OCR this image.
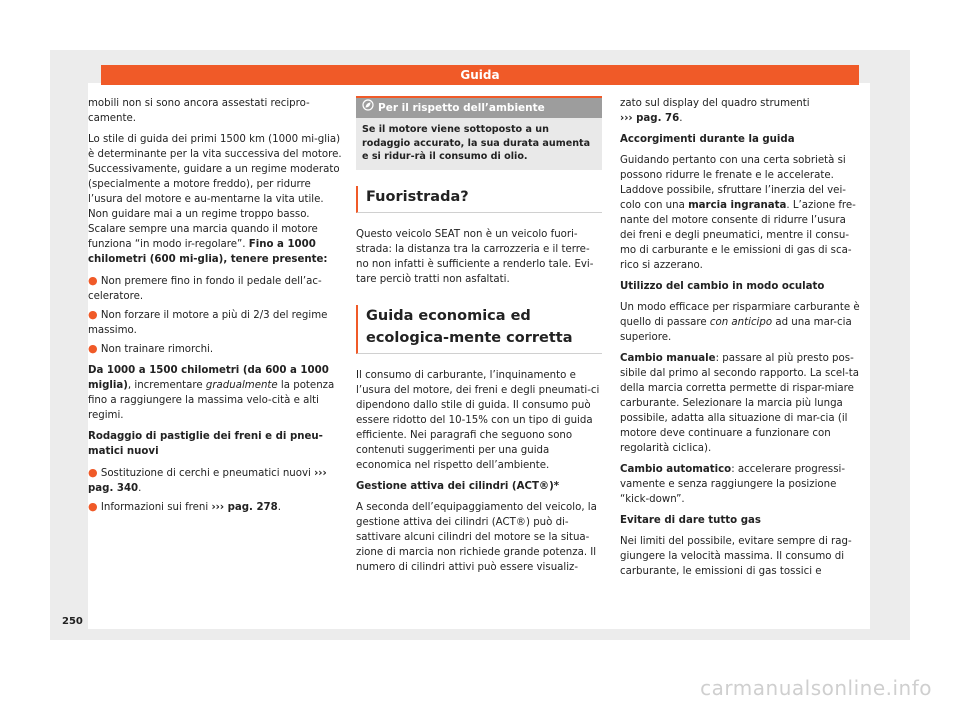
Guida

mobili non si sono ancora assestati recipro-camente.

Lo stile di guida dei primi 1500 km (1000 mi-glia) è determinante per la vita successiva del motore. Successivamente, guidare a un regime moderato (specialmente a motore freddo), per ridurre l’usura del motore e au-mentarne la vita utile. Non guidare mai a un regime troppo basso. Scalare sempre una marcia quando il motore funziona “in modo ir-regolare”. Fino a 1000 chilometri (600 mi-glia), tenere presente:

● Non premere fino in fondo il pedale dell’ac-celeratore.
● Non forzare il motore a più di 2/3 del regime massimo.
● Non trainare rimorchi.

Da 1000 a 1500 chilometri (da 600 a 1000 miglia), incrementare gradualmente la potenza fino a raggiungere la massima velo-cità e alti regimi.

Rodaggio di pastiglie dei freni e di pneu-matici nuovi

● Sostituzione di cerchi e pneumatici nuovi ››› pag. 340.
● Informazioni sui freni ››› pag. 278.
Per il rispetto dell’ambiente
Se il motore viene sottoposto a un rodaggio accurato, la sua durata aumenta e si ridur-rà il consumo di olio.
Fuoristrada?

Questo veicolo SEAT non è un veicolo fuori-strada: la distanza tra la carrozzeria e il terre-no non infatti è sufficiente a renderlo tale. Evi-tare perciò tratti non asfaltati.

Guida economica ed ecologica-mente corretta

Il consumo di carburante, l’inquinamento e l’usura del motore, dei freni e degli pneumati-ci dipendono dallo stile di guida. Il consumo può essere ridotto del 10-15% con un tipo di guida efficiente. Nei paragrafi che seguono sono contenuti suggerimenti per una guida economica nel rispetto dell’ambiente.

Gestione attiva dei cilindri (ACT®)*

A seconda dell’equipaggiamento del veicolo, la gestione attiva dei cilindri (ACT®) può di-sattivare alcuni cilindri del motore se la situa-zione di marcia non richiede grande potenza. Il numero di cilindri attivi può essere visualiz-

zato sul display del quadro strumenti
››› pag. 76.

Accorgimenti durante la guida

Guidando pertanto con una certa sobrietà si possono ridurre le frenate e le accelerate. Laddove possibile, sfruttare l’inerzia del vei-colo con una marcia ingranata. L’azione fre-nante del motore consente di ridurre l’usura dei freni e degli pneumatici, mentre il consu-mo di carburante e le emissioni di gas di sca-rico si azzerano.

Utilizzo del cambio in modo oculato

Un modo efficace per risparmiare carburante è quello di passare con anticipo ad una mar-cia superiore.

Cambio manuale: passare al più presto pos-sibile dal primo al secondo rapporto. La scel-ta della marcia corretta permette di rispar-miare carburante. Selezionare la marcia più lunga possibile, adatta alla situazione di mar-cia (il motore deve continuare a funzionare con regolarità ciclica).

Cambio automatico: accelerare progressi-vamente e senza raggiungere la posizione “kick-down”.

Evitare di dare tutto gas

Nei limiti del possibile, evitare sempre di rag-giungere la velocità massima. Il consumo di carburante, le emissioni di gas tossici e

250
carmanualsonline.info
